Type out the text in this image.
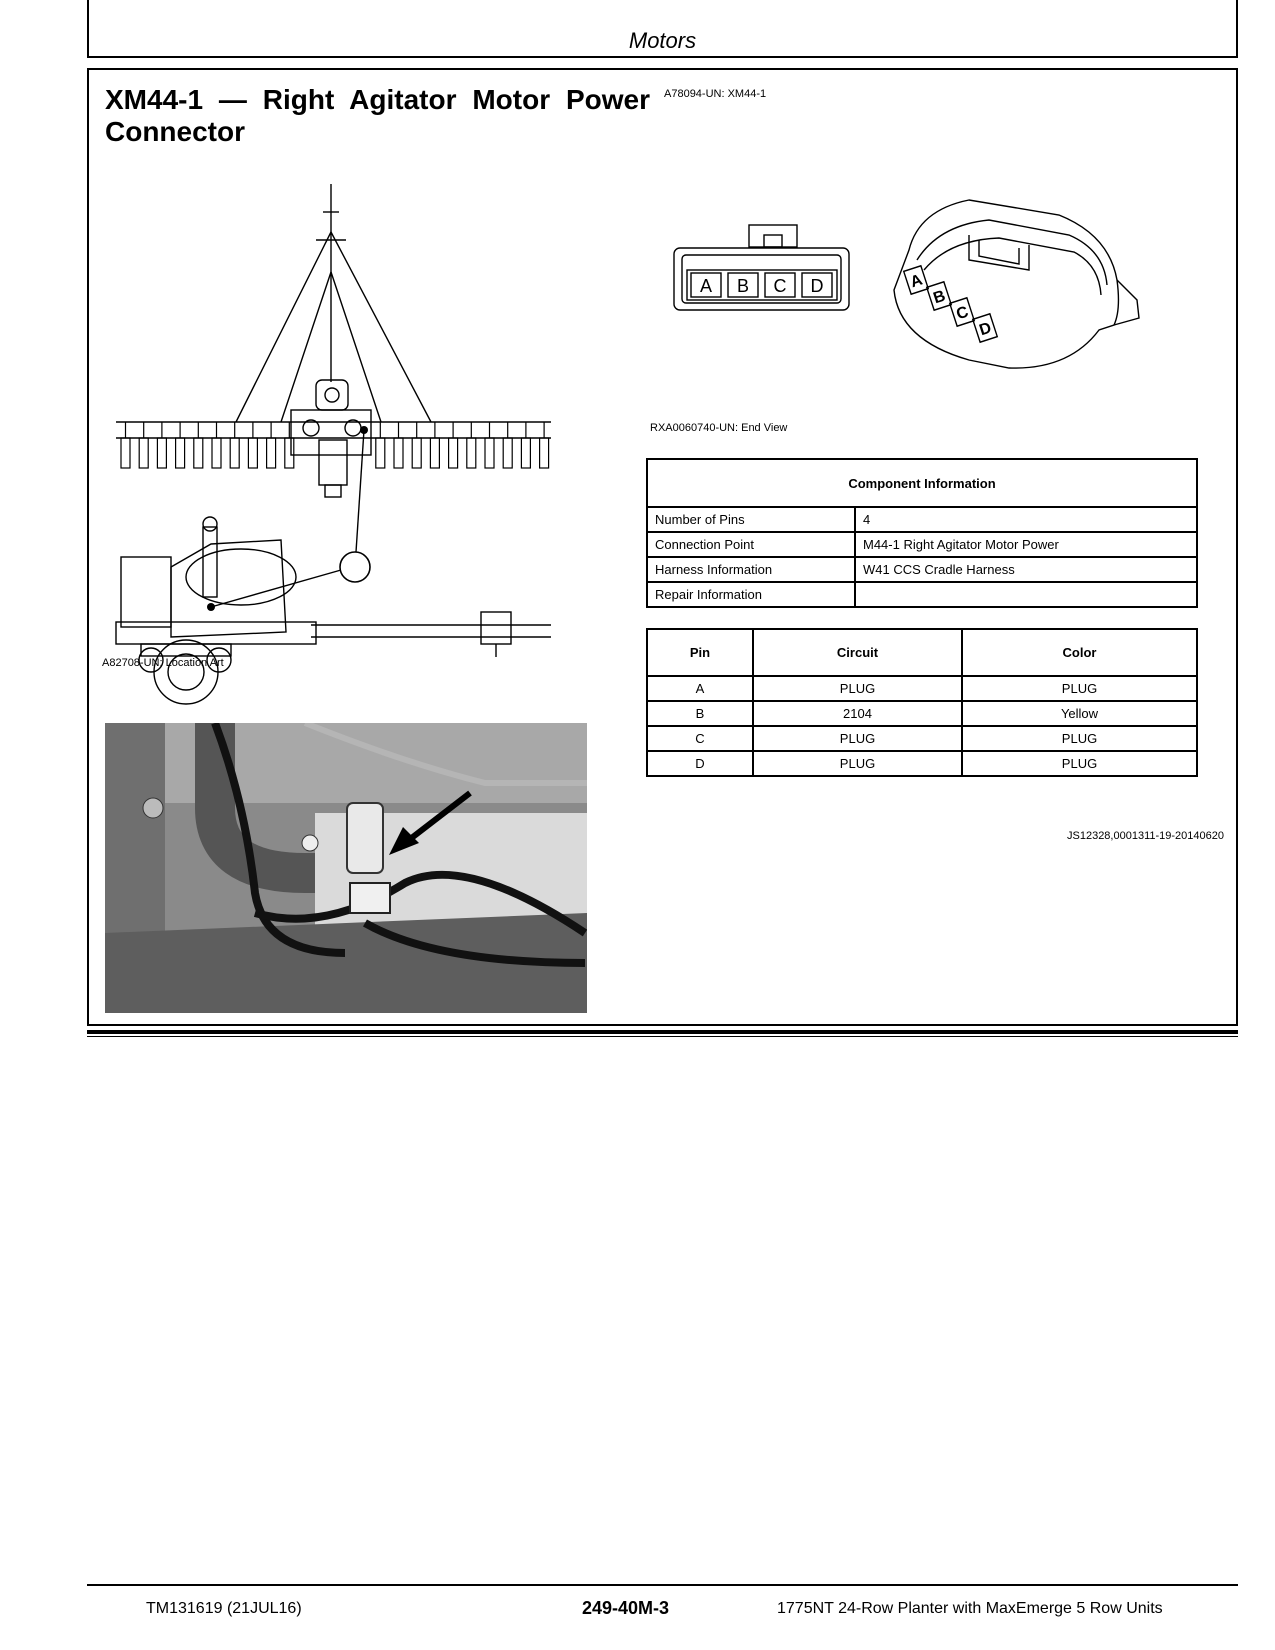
Motors
XM44-1 — Right Agitator Motor Power Connector
A78094-UN: XM44-1
A82708-UN: Location Art
A B C D	A
B
C
D
RXA0060740-UN: End View
Component Information	
Number of Pins	4
Connection Point	M44-1 Right Agitator Motor Power
Harness Information	W41 CCS Cradle Harness
Repair Information	
Pin	Circuit	Color
A	PLUG	PLUG
B	2104	Yellow
C	PLUG	PLUG
D	PLUG	PLUG
JS12328,0001311-19-20140620
TM131619 (21JUL16)	249-40M-3	1775NT 24-Row Planter with MaxEmerge 5 Row Units
